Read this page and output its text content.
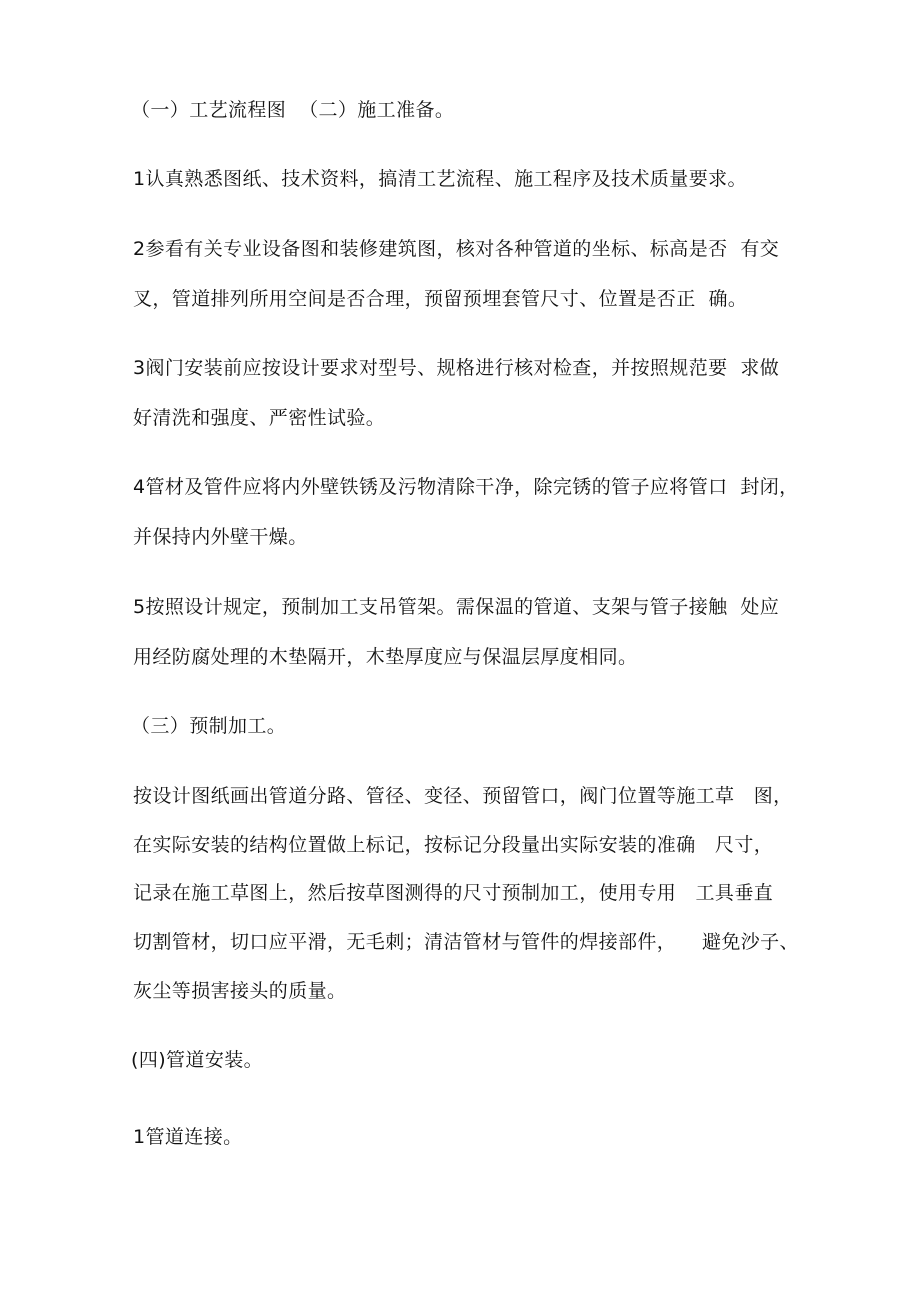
（一）工艺流程图  （二）施工准备。
1认真熟悉图纸、技术资料，搞清工艺流程、施工程序及技术质量要求。
2参看有关专业设备图和装修建筑图，核对各种管道的坐标、标高是否  有交
叉，管道排列所用空间是否合理，预留预埋套管尺寸、位置是否正  确。
3阀门安装前应按设计要求对型号、规格进行核对检查，并按照规范要  求做
好清洗和强度、严密性试验。
4管材及管件应将内外壁铁锈及污物清除干净，除完锈的管子应将管口  封闭，
并保持内外壁干燥。
5按照设计规定，预制加工支吊管架。需保温的管道、支架与管子接触  处应
用经防腐处理的木垫隔开，木垫厚度应与保温层厚度相同。
（三）预制加工。
按设计图纸画出管道分路、管径、变径、预留管口，阀门位置等施工草   图，
在实际安装的结构位置做上标记，按标记分段量出实际安装的准确   尺寸，
记录在施工草图上，然后按草图测得的尺寸预制加工，使用专用   工具垂直
切割管材，切口应平滑，无毛刺；清洁管材与管件的焊接部件，    避免沙子、
灰尘等损害接头的质量。
(四)管道安装。
1管道连接。
